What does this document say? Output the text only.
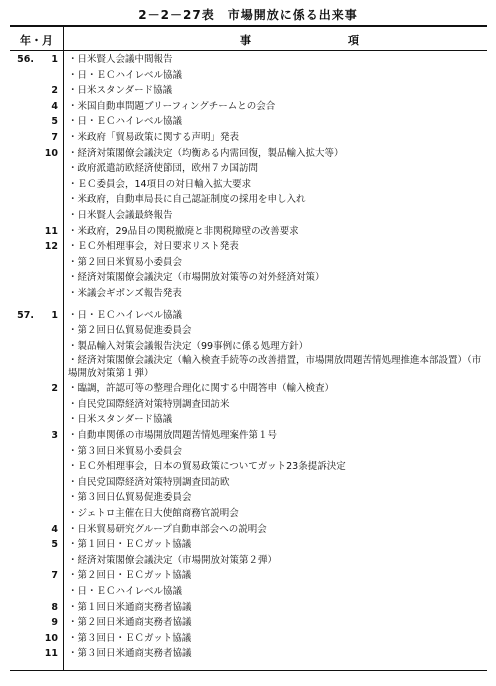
2－2－27表　市場開放に係る出来事
年・月	事	項
56.	1 ・日米賢人会議中間報告
・日・ＥＣハイレベル協議
2 ・日米スタンダード協議
4 ・米国自動車問題ブリーフィングチームとの会合
5 ・日・ＥＣハイレベル協議
7 ・米政府「貿易政策に関する声明」発表
10 ・経済対策閣僚会議決定（均衡ある内需回復，製品輸入拡大等）
・政府派遣訪欧経済使節団，欧州７カ国訪問
・ＥＣ委員会，14項目の対日輸入拡大要求
・米政府，自動車局長に自己認証制度の採用を申し入れ
・日米賢人会議最終報告
11 ・米政府，29品目の関税撤廃と非関税障壁の改善要求
12 ・ＥＣ外相理事会，対日要求リスト発表
・第２回日米貿易小委員会
・経済対策閣僚会議決定（市場開放対策等の対外経済対策）
・米議会ギボンズ報告発表
57.	1 ・日・ＥＣハイレベル協議
・第２回日仏貿易促進委員会
・製品輸入対策会議報告決定（99事例に係る処理方針）
・経済対策閣僚会議決定（輸入検査手続等の改善措置，市場開放問題苦情処理推進本部設置）（市場開放対策第１弾）
2 ・臨調，許認可等の整理合理化に関する中間答申（輸入検査）
・自民党国際経済対策特別調査団訪米
・日米スタンダード協議
3 ・自動車関係の市場開放問題苦情処理案件第１号
・第３回日米貿易小委員会
・ＥＣ外相理事会，日本の貿易政策についてガット23条提訴決定
・自民党国際経済対策特別調査団訪欧
・第３回日仏貿易促進委員会
・ジェトロ主催在日大使館商務官説明会
4 ・日米貿易研究グループ自動車部会への説明会
5 ・第１回日・ＥＣガット協議
・経済対策閣僚会議決定（市場開放対策第２弾）
7 ・第２回日・ＥＣガット協議
・日・ＥＣハイレベル協議
8 ・第１回日米通商実務者協議
9 ・第２回日米通商実務者協議
10 ・第３回日・ＥＣガット協議
11 ・第３回日米通商実務者協議
